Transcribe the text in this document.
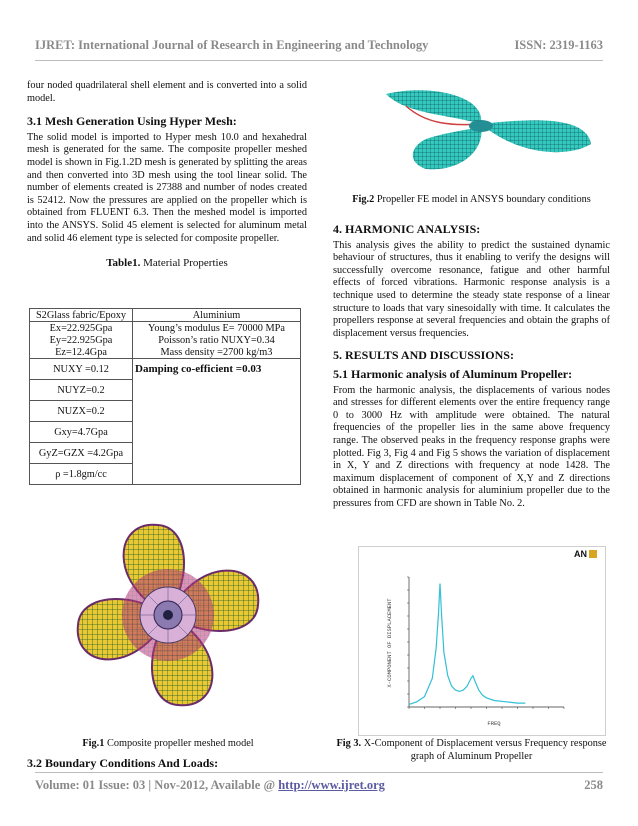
IJRET: International Journal of Research in Engineering and Technology	ISSN: 2319-1163

four noded quadrilateral shell element and is converted into a solid model.

3.1 Mesh Generation Using Hyper Mesh:

The solid model is imported to Hyper mesh 10.0 and hexahedral mesh is generated for the same. The composite propeller meshed model is shown in Fig.1.2D mesh is generated by splitting the areas and then converted into 3D mesh using the tool linear solid. The number of elements created is 27388 and number of nodes created is 52412. Now the pressures are applied on the propeller which is obtained from FLUENT 6.3. Then the meshed model is imported into the ANSYS. Solid 45 element is selected for aluminum metal and solid 46 element type is selected for composite propeller.

Table1. Material Properties

S2Glass fabric/Epoxy	Aluminium
Ex=22.925Gpa	Young’s modulus E= 70000 MPa
Ey=22.925Gpa	Poisson’s ratio NUXY=0.34
Ez=12.4Gpa	Mass density =2700 kg/m3
NUXY =0.12	Damping co-efficient =0.03
NUYZ=0.2	
NUZX=0.2	
Gxy=4.7Gpa	
GyZ=GZX =4.2Gpa	
ρ =1.8gm/cc	
Fig.1 Composite propeller meshed model

3.2 Boundary Conditions And Loads:

Fig.2 Propeller FE model in ANSYS boundary conditions

4. HARMONIC ANALYSIS:

This analysis gives the ability to predict the sustained dynamic behaviour of structures, thus it enabling to verify the designs will successfully overcome resonance, fatigue and other harmful effects of forced vibrations. Harmonic response analysis is a technique used to determine the steady state response of a linear structure to loads that vary sinesoidally with time. It calculates the propellers response at several frequencies and obtain the graphs of displacement versus frequencies.

5. RESULTS AND DISCUSSIONS:

5.1 Harmonic analysis of Aluminum Propeller:

From the harmonic analysis, the displacements of various nodes and stresses for different elements over the entire frequency range 0 to 3000 Hz with amplitude were obtained. The natural frequencies of the propeller lies in the same above frequency range. The observed peaks in the frequency response graphs were plotted. Fig 3, Fig 4 and Fig 5 shows the variation of displacement in X, Y and Z directions with frequency at node 1428. The maximum displacement of component of X,Y and Z directions obtained in harmonic analysis for aluminium propeller due to the pressures from CFD are shown in Table No. 2.

AN
X-COMPONENT OF DISPLACEMENT
FREQ
Fig 3. X-Component of Displacement versus Frequency response graph of Aluminum Propeller
Volume: 01 Issue: 03 | Nov-2012, Available @ http://www.ijret.org	258
